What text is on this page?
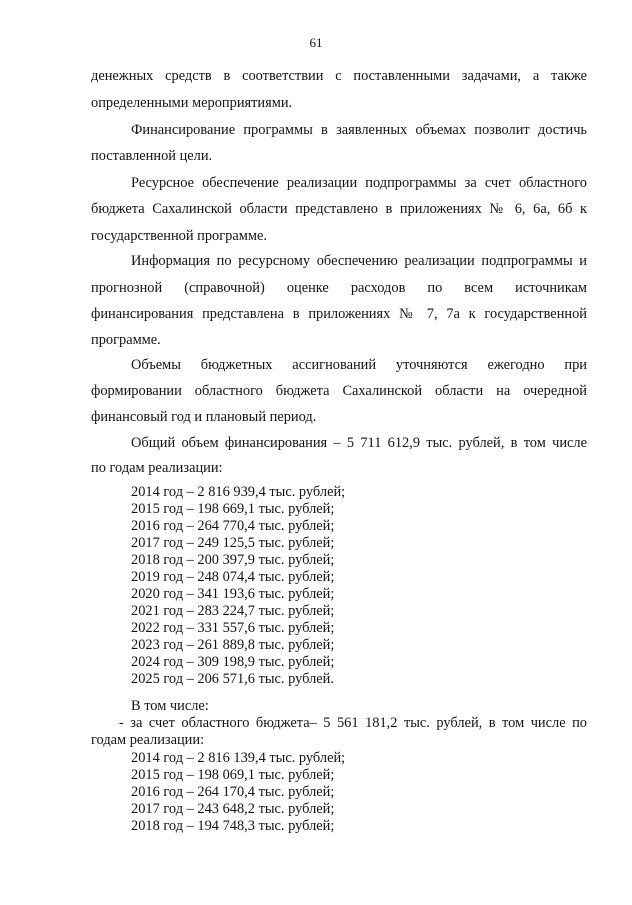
61
денежных средств в соответствии с поставленными задачами, а также
определенными мероприятиями.
Финансирование программы в заявленных объемах позволит достичь
поставленной цели.
Ресурсное обеспечение реализации подпрограммы за счет областного
бюджета Сахалинской области представлено в приложениях № 6, 6а, 6б к
государственной программе.
Информация по ресурсному обеспечению реализации подпрограммы и
прогнозной (справочной) оценке расходов по всем источникам
финансирования представлена в приложениях № 7, 7а к государственной
программе.
Объемы бюджетных ассигнований уточняются ежегодно при
формировании областного бюджета Сахалинской области на очередной
финансовый год и плановый период.
Общий объем финансирования – 5 711 612,9 тыс. рублей, в том числе
по годам реализации:
2014 год – 2 816 939,4 тыс. рублей;
2015 год – 198 669,1 тыс. рублей;
2016 год – 264 770,4 тыс. рублей;
2017 год – 249 125,5 тыс. рублей;
2018 год – 200 397,9 тыс. рублей;
2019 год – 248 074,4 тыс. рублей;
2020 год – 341 193,6 тыс. рублей;
2021 год – 283 224,7 тыс. рублей;
2022 год – 331 557,6 тыс. рублей;
2023 год – 261 889,8 тыс. рублей;
2024 год – 309 198,9 тыс. рублей;
2025 год – 206 571,6 тыс. рублей.
В том числе:
- за счет областного бюджета– 5 561 181,2 тыс. рублей, в том числе по
годам реализации:
2014 год – 2 816 139,4 тыс. рублей;
2015 год – 198 069,1 тыс. рублей;
2016 год – 264 170,4 тыс. рублей;
2017 год – 243 648,2 тыс. рублей;
2018 год – 194 748,3 тыс. рублей;
